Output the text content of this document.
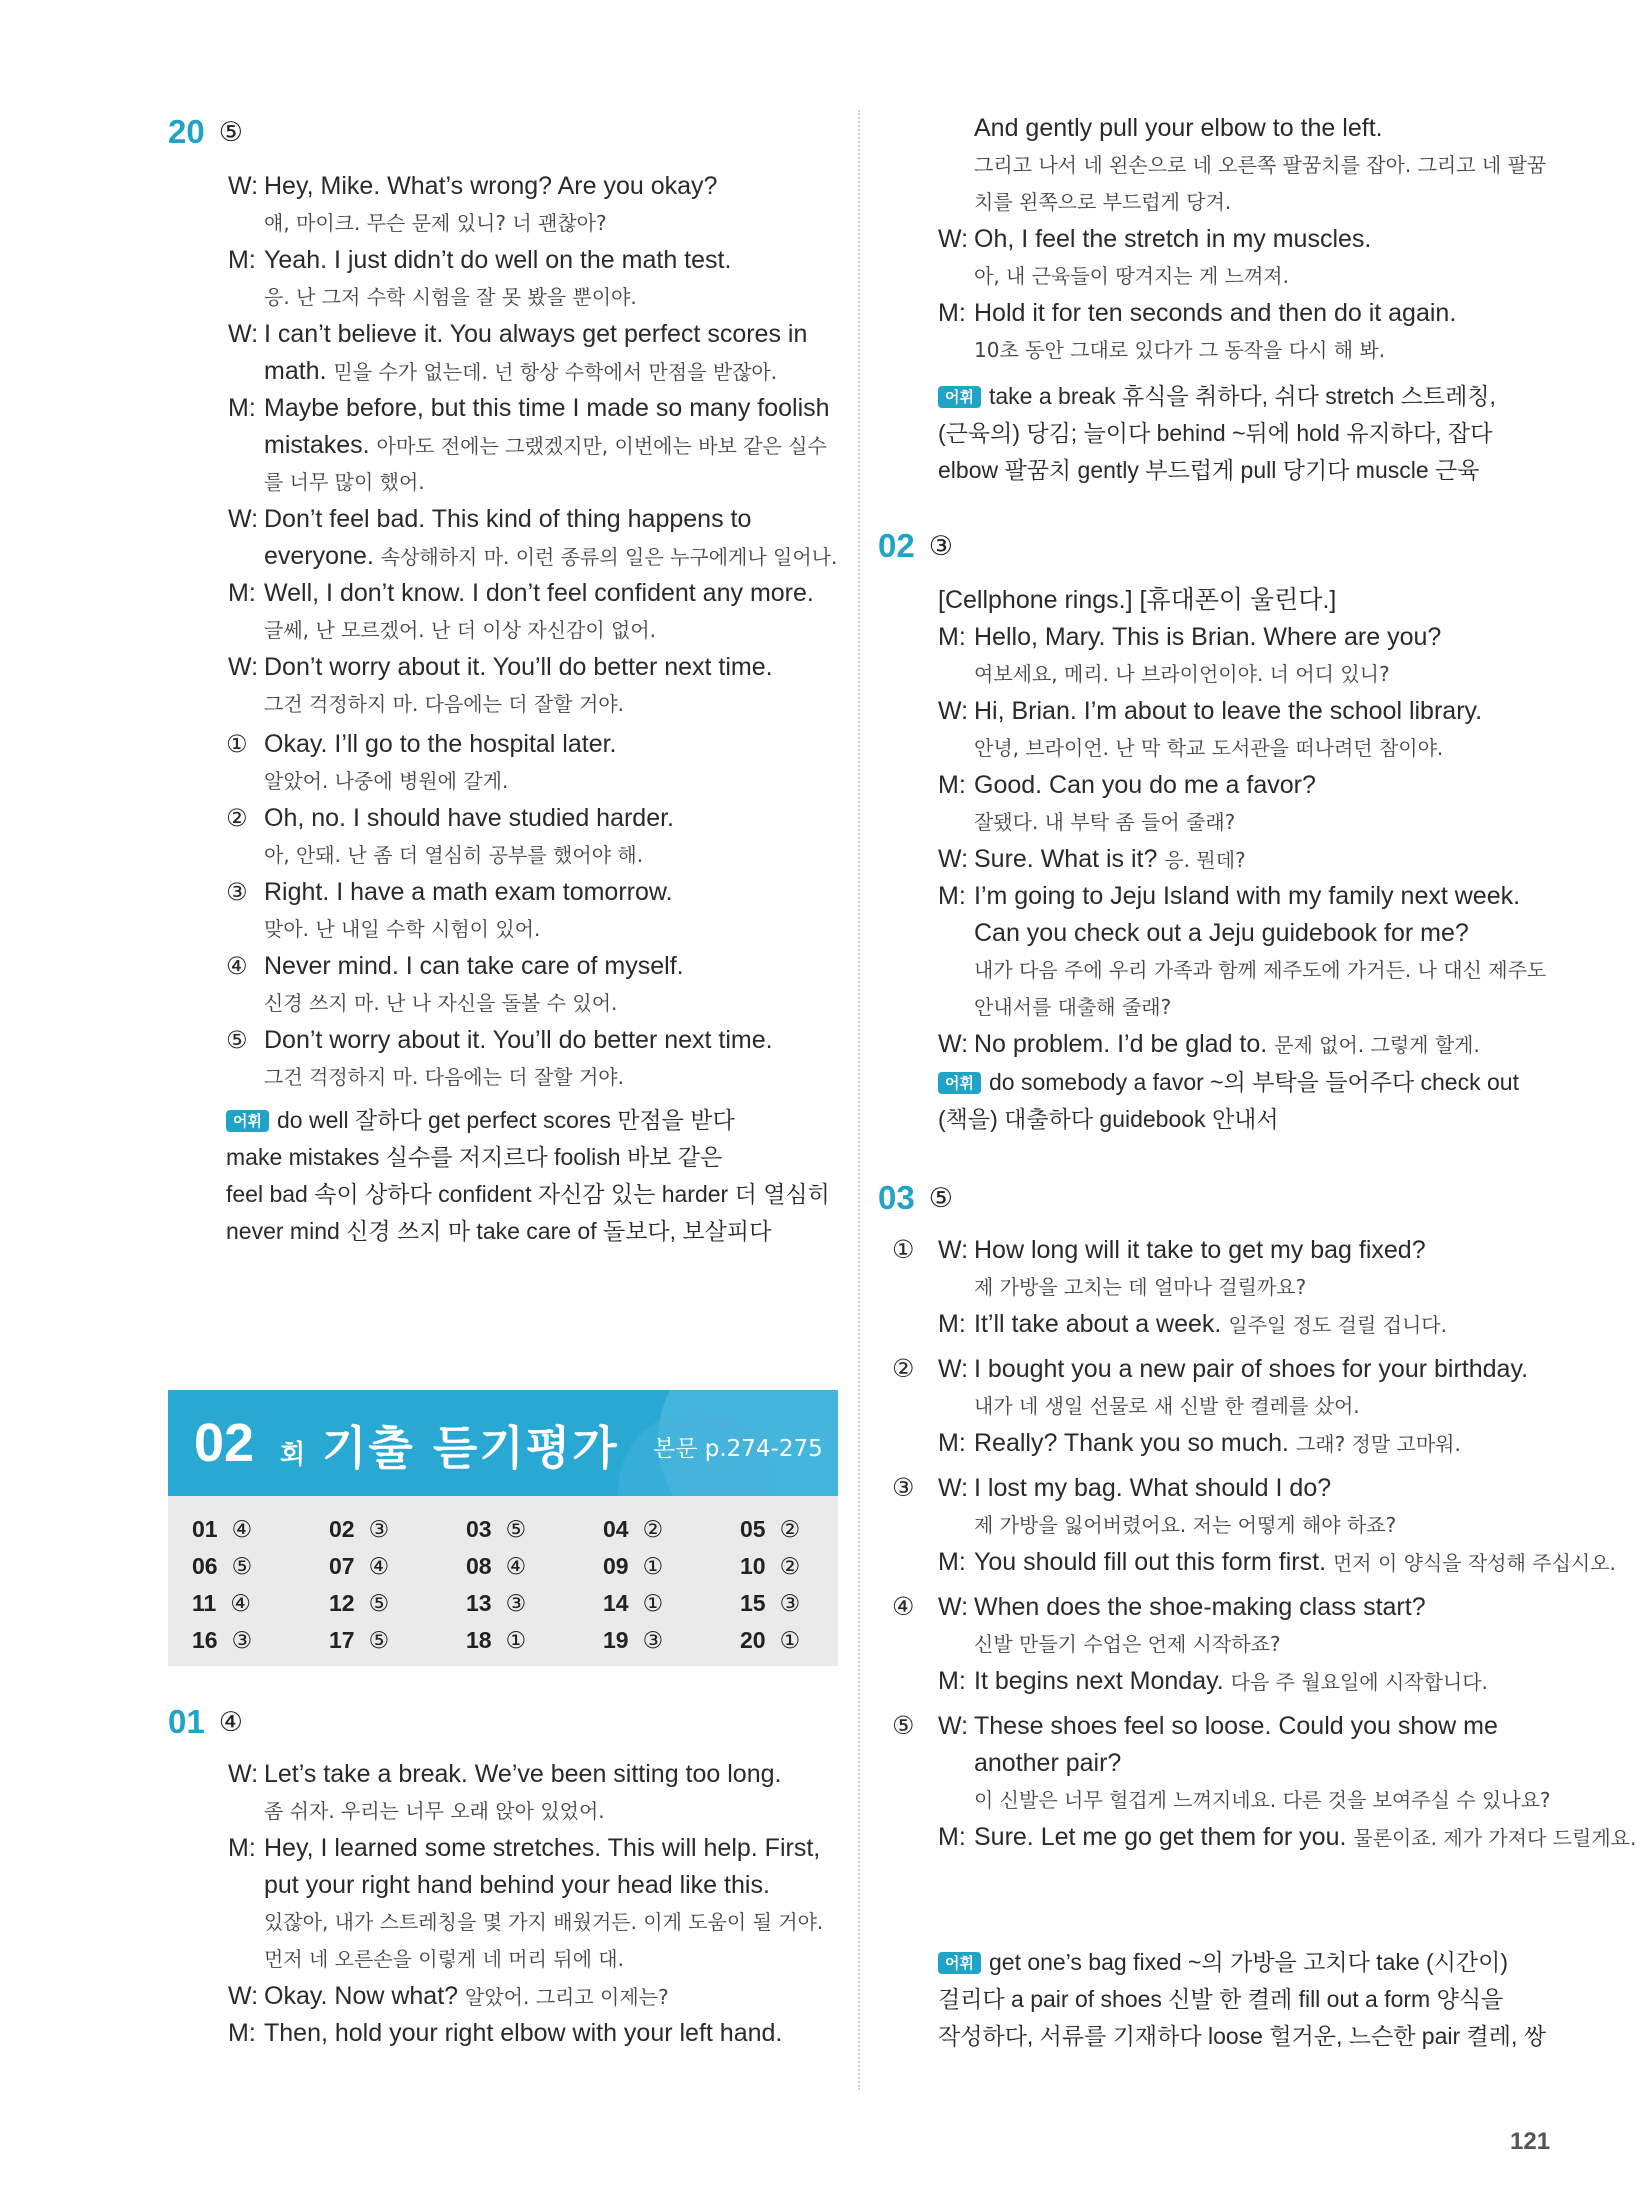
20 ⑤
W: Hey, Mike. What’s wrong? Are you okay?
얘, 마이크. 무슨 문제 있니? 너 괜찮아?
M: Yeah. I just didn’t do well on the math test.
응. 난 그저 수학 시험을 잘 못 봤을 뿐이야.
W: I can’t believe it. You always get perfect scores in
math. 믿을 수가 없는데. 넌 항상 수학에서 만점을 받잖아.
M: Maybe before, but this time I made so many foolish
mistakes. 아마도 전에는 그랬겠지만, 이번에는 바보 같은 실수
를 너무 많이 했어.
W: Don’t feel bad. This kind of thing happens to
everyone. 속상해하지 마. 이런 종류의 일은 누구에게나 일어나.
M: Well, I don’t know. I don’t feel confident any more.
글쎄, 난 모르겠어. 난 더 이상 자신감이 없어.
W: Don’t worry about it. You’ll do better next time.
그건 걱정하지 마. 다음에는 더 잘할 거야.
① Okay. I’ll go to the hospital later.
알았어. 나중에 병원에 갈게.
② Oh, no. I should have studied harder.
아, 안돼. 난 좀 더 열심히 공부를 했어야 해.
③ Right. I have a math exam tomorrow.
맞아. 난 내일 수학 시험이 있어.
④ Never mind. I can take care of myself.
신경 쓰지 마. 난 나 자신을 돌볼 수 있어.
⑤ Don’t worry about it. You’ll do better next time.
그건 걱정하지 마. 다음에는 더 잘할 거야.
어휘 do well 잘하다 get perfect scores 만점을 받다
make mistakes 실수를 저지르다 foolish 바보 같은
feel bad 속이 상하다 confident 자신감 있는 harder 더 열심히
never mind 신경 쓰지 마 take care of 돌보다, 보살피다
01 ④
W: Let’s take a break. We’ve been sitting too long.
좀 쉬자. 우리는 너무 오래 앉아 있었어.
M: Hey, I learned some stretches. This will help. First,
put your right hand behind your head like this.
있잖아, 내가 스트레칭을 몇 가지 배웠거든. 이게 도움이 될 거야.
먼저 네 오른손을 이렇게 네 머리 뒤에 대.
W: Okay. Now what? 알았어. 그리고 이제는?
M: Then, hold your right elbow with your left hand.
02 회 기출 듣기평가 본문 p.274-275
01 ④	02 ③	03 ⑤	04 ②	05 ②
06 ⑤	07 ④	08 ④	09 ①	10 ②
11 ④	12 ⑤	13 ③	14 ①	15 ③
16 ③	17 ⑤	18 ①	19 ③	20 ①
And gently pull your elbow to the left.
그리고 나서 네 왼손으로 네 오른쪽 팔꿈치를 잡아. 그리고 네 팔꿈
치를 왼쪽으로 부드럽게 당겨.
W: Oh, I feel the stretch in my muscles.
아, 내 근육들이 땅겨지는 게 느껴져.
M: Hold it for ten seconds and then do it again.
10초 동안 그대로 있다가 그 동작을 다시 해 봐.
어휘 take a break 휴식을 취하다, 쉬다 stretch 스트레칭,
(근육의) 당김; 늘이다 behind ~뒤에 hold 유지하다, 잡다
elbow 팔꿈치 gently 부드럽게 pull 당기다 muscle 근육
02 ③
[Cellphone rings.] [휴대폰이 울린다.]
M: Hello, Mary. This is Brian. Where are you?
여보세요, 메리. 나 브라이언이야. 너 어디 있니?
W: Hi, Brian. I’m about to leave the school library.
안녕, 브라이언. 난 막 학교 도서관을 떠나려던 참이야.
M: Good. Can you do me a favor?
잘됐다. 내 부탁 좀 들어 줄래?
W: Sure. What is it? 응. 뭔데?
M: I’m going to Jeju Island with my family next week.
Can you check out a Jeju guidebook for me?
내가 다음 주에 우리 가족과 함께 제주도에 가거든. 나 대신 제주도
안내서를 대출해 줄래?
W: No problem. I’d be glad to. 문제 없어. 그렇게 할게.
어휘 do somebody a favor ~의 부탁을 들어주다 check out
(책을) 대출하다 guidebook 안내서
03 ⑤
① W: How long will it take to get my bag fixed?
제 가방을 고치는 데 얼마나 걸릴까요?
M: It’ll take about a week. 일주일 정도 걸릴 겁니다.
② W: I bought you a new pair of shoes for your birthday.
내가 네 생일 선물로 새 신발 한 켤레를 샀어.
M: Really? Thank you so much. 그래? 정말 고마워.
③ W: I lost my bag. What should I do?
제 가방을 잃어버렸어요. 저는 어떻게 해야 하죠?
M: You should fill out this form first. 먼저 이 양식을 작성해 주십시오.
④ W: When does the shoe-making class start?
신발 만들기 수업은 언제 시작하죠?
M: It begins next Monday. 다음 주 월요일에 시작합니다.
⑤ W: These shoes feel so loose. Could you show me
another pair?
이 신발은 너무 헐겁게 느껴지네요. 다른 것을 보여주실 수 있나요?
M: Sure. Let me go get them for you. 물론이죠. 제가 가져다 드릴게요.
어휘 get one’s bag fixed ~의 가방을 고치다 take (시간이)
걸리다 a pair of shoes 신발 한 켤레 fill out a form 양식을
작성하다, 서류를 기재하다 loose 헐거운, 느슨한 pair 켤레, 쌍
121
